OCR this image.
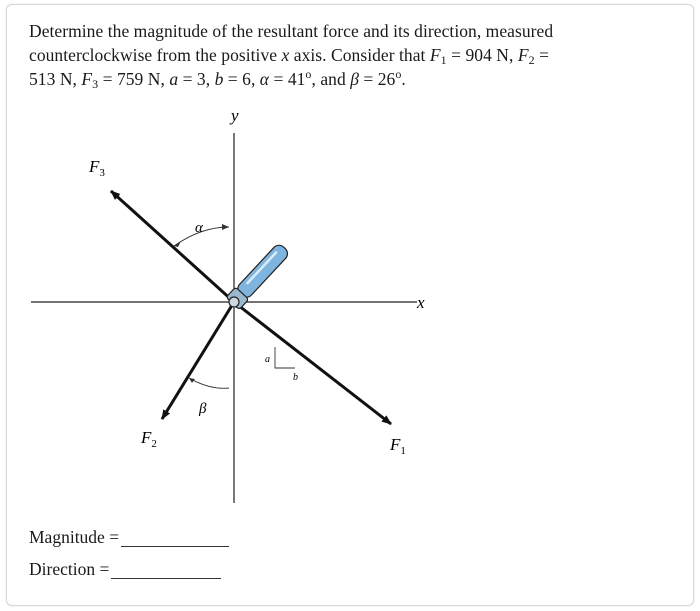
Determine the magnitude of the resultant force and its direction, measured
counterclockwise from the positive x axis. Consider that $F_1 = 904$ N, $F_2$ =
513 N, $F_3 = 759$ N, a = 3, b = 6, $\alpha = 41^o$, and $\beta = 26^o$.
y
x
$F_3$
$F_1$
$F_2$
α
β
a
b
Magnitude =
Direction =
